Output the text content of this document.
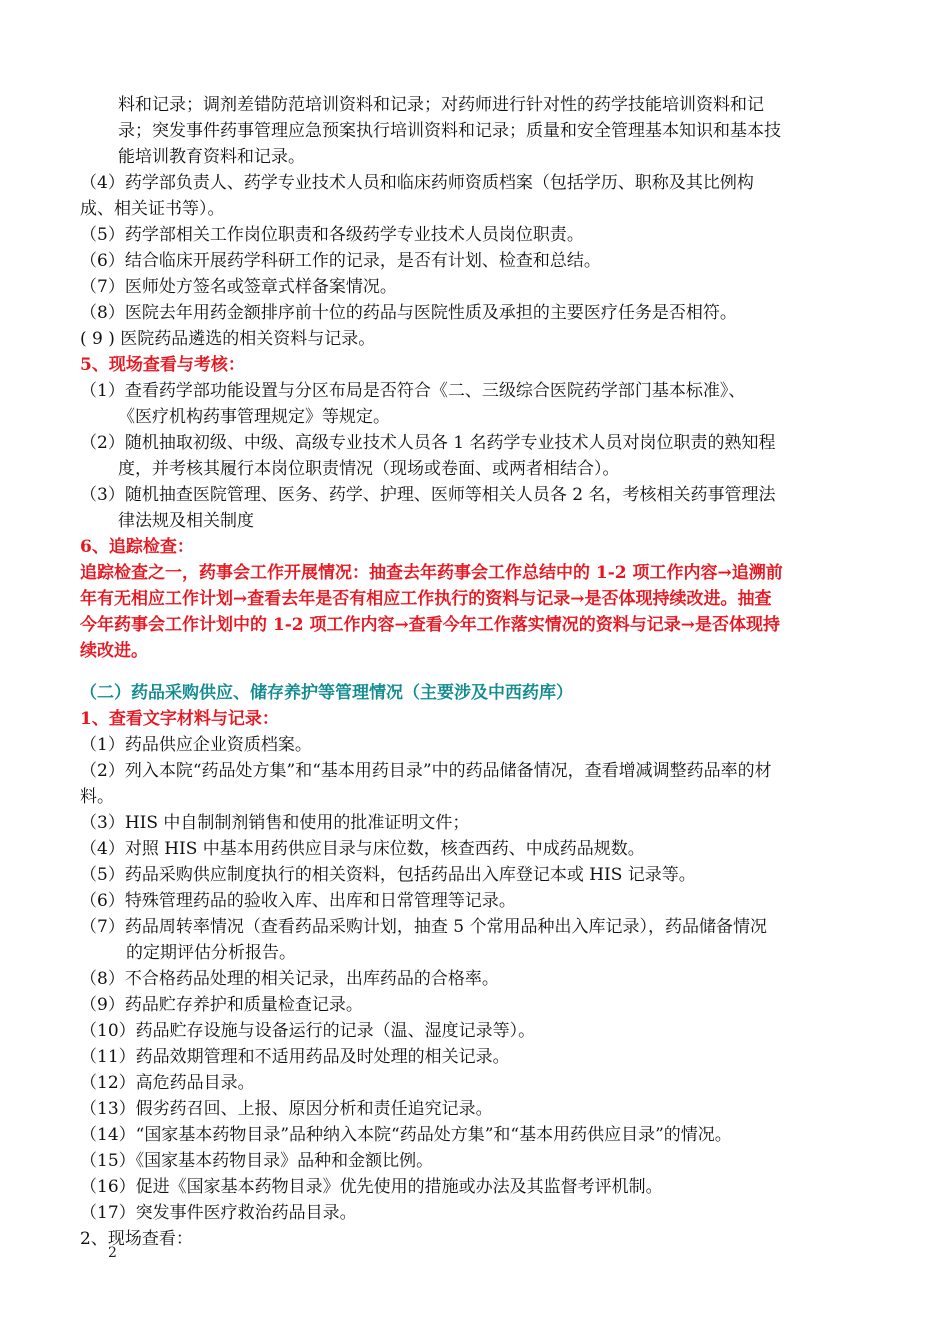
料和记录；调剂差错防范培训资料和记录；对药师进行针对性的药学技能培训资料和记
录；突发事件药事管理应急预案执行培训资料和记录；质量和安全管理基本知识和基本技
能培训教育资料和记录。
（4）药学部负责人、药学专业技术人员和临床药师资质档案（包括学历、职称及其比例构
成、相关证书等）。
（5）药学部相关工作岗位职责和各级药学专业技术人员岗位职责。
（6）结合临床开展药学科研工作的记录，是否有计划、检查和总结。
（7）医师处方签名或签章式样备案情况。
（8）医院去年用药金额排序前十位的药品与医院性质及承担的主要医疗任务是否相符。
( 9 ) 医院药品遴选的相关资料与记录。
5、现场查看与考核：
（1）查看药学部功能设置与分区布局是否符合《二、三级综合医院药学部门基本标准》、
《医疗机构药事管理规定》等规定。
（2）随机抽取初级、中级、高级专业技术人员各 1 名药学专业技术人员对岗位职责的熟知程
度，并考核其履行本岗位职责情况（现场或卷面、或两者相结合）。
（3）随机抽查医院管理、医务、药学、护理、医师等相关人员各 2 名，考核相关药事管理法
律法规及相关制度
6、追踪检查：
追踪检查之一，药事会工作开展情况：抽查去年药事会工作总结中的 1-2 项工作内容→追溯前
年有无相应工作计划→查看去年是否有相应工作执行的资料与记录→是否体现持续改进。抽查
今年药事会工作计划中的 1-2 项工作内容→查看今年工作落实情况的资料与记录→是否体现持
续改进。
（二）药品采购供应、储存养护等管理情况（主要涉及中西药库）
1、查看文字材料与记录：
（1）药品供应企业资质档案。
（2）列入本院“药品处方集”和“基本用药目录”中的药品储备情况，查看增减调整药品率的材
料。
（3）HIS 中自制制剂销售和使用的批准证明文件；
（4）对照 HIS 中基本用药供应目录与床位数，核查西药、中成药品规数。
（5）药品采购供应制度执行的相关资料，包括药品出入库登记本或 HIS 记录等。
（6）特殊管理药品的验收入库、出库和日常管理等记录。
（7）药品周转率情况（查看药品采购计划，抽查 5 个常用品种出入库记录），药品储备情况
的定期评估分析报告。
（8）不合格药品处理的相关记录，出库药品的合格率。
（9）药品贮存养护和质量检查记录。
（10）药品贮存设施与设备运行的记录（温、湿度记录等）。
（11）药品效期管理和不适用药品及时处理的相关记录。
（12）高危药品目录。
（13）假劣药召回、上报、原因分析和责任追究记录。
（14）“国家基本药物目录”品种纳入本院“药品处方集”和“基本用药供应目录”的情况。
（15）《国家基本药物目录》品种和金额比例。
（16）促进《国家基本药物目录》优先使用的措施或办法及其监督考评机制。
（17）突发事件医疗救治药品目录。
2、现场查看：
2
